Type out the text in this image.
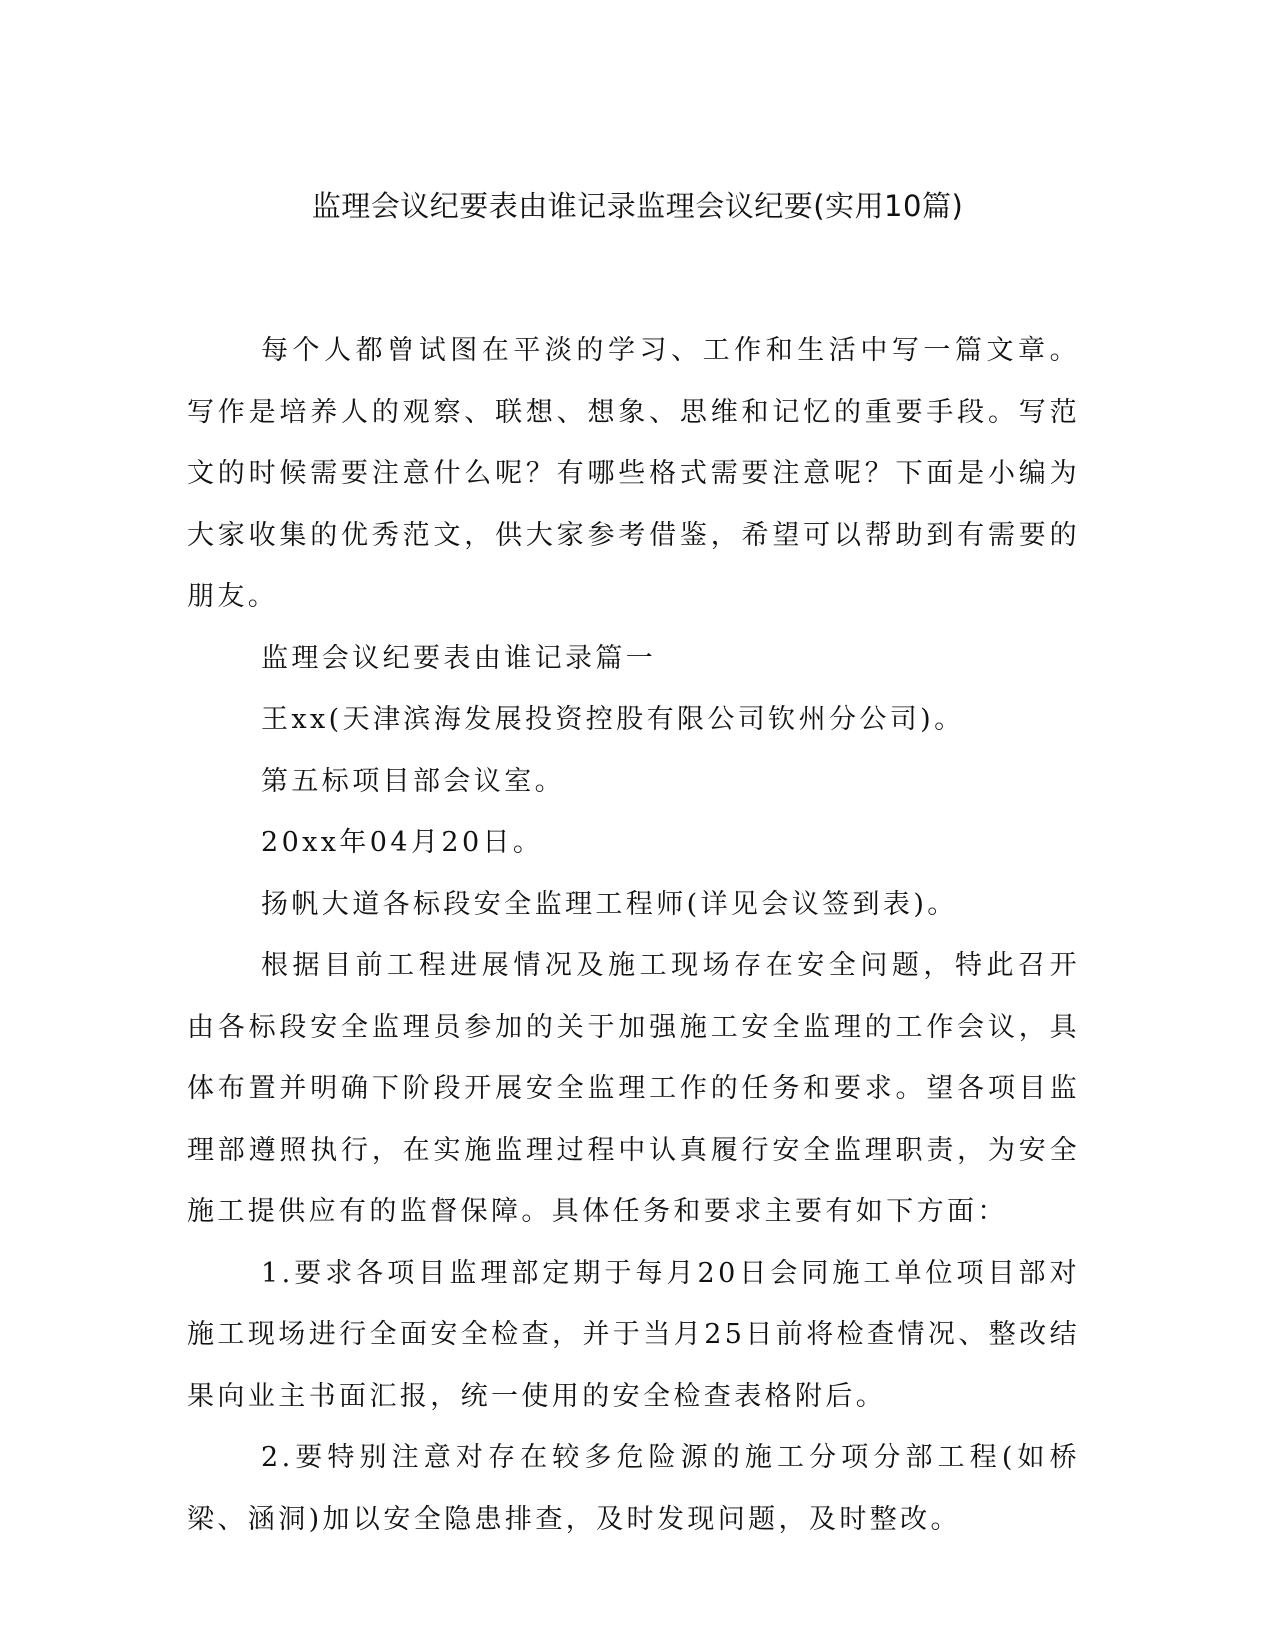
监理会议纪要表由谁记录监理会议纪要(实用10篇)

每个人都曾试图在平淡的学习、工作和生活中写一篇文章。写作是培养人的观察、联想、想象、思维和记忆的重要手段。写范文的时候需要注意什么呢？有哪些格式需要注意呢？下面是小编为大家收集的优秀范文，供大家参考借鉴，希望可以帮助到有需要的朋友。

监理会议纪要表由谁记录篇一

王xx(天津滨海发展投资控股有限公司钦州分公司)。

第五标项目部会议室。

20xx年04月20日。

扬帆大道各标段安全监理工程师(详见会议签到表)。

根据目前工程进展情况及施工现场存在安全问题，特此召开由各标段安全监理员参加的关于加强施工安全监理的工作会议，具体布置并明确下阶段开展安全监理工作的任务和要求。望各项目监理部遵照执行，在实施监理过程中认真履行安全监理职责，为安全施工提供应有的监督保障。具体任务和要求主要有如下方面：

1.要求各项目监理部定期于每月20日会同施工单位项目部对施工现场进行全面安全检查，并于当月25日前将检查情况、整改结果向业主书面汇报，统一使用的安全检查表格附后。

2.要特别注意对存在较多危险源的施工分项分部工程(如桥梁、涵洞)加以安全隐患排查，及时发现问题，及时整改。
